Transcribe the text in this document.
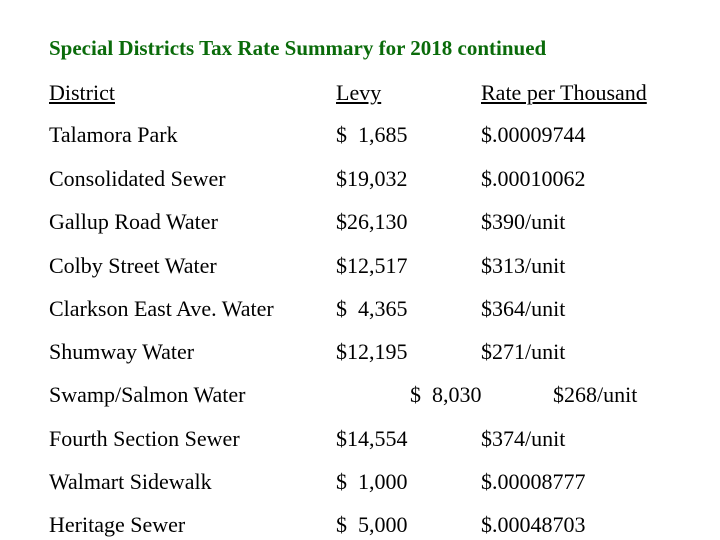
Special Districts Tax Rate Summary for 2018 continued
District	Levy	Rate per Thousand
Talamora Park	$  1,685	$.00009744
Consolidated Sewer	$19,032	$.00010062
Gallup Road Water	$26,130	$390/unit
Colby Street Water	$12,517	$313/unit
Clarkson East Ave. Water	$  4,365	$364/unit
Shumway Water	$12,195	$271/unit
Swamp/Salmon Water	$  8,030	$268/unit
Fourth Section Sewer	$14,554	$374/unit
Walmart Sidewalk	$  1,000	$.00008777
Heritage Sewer	$  5,000	$.00048703
